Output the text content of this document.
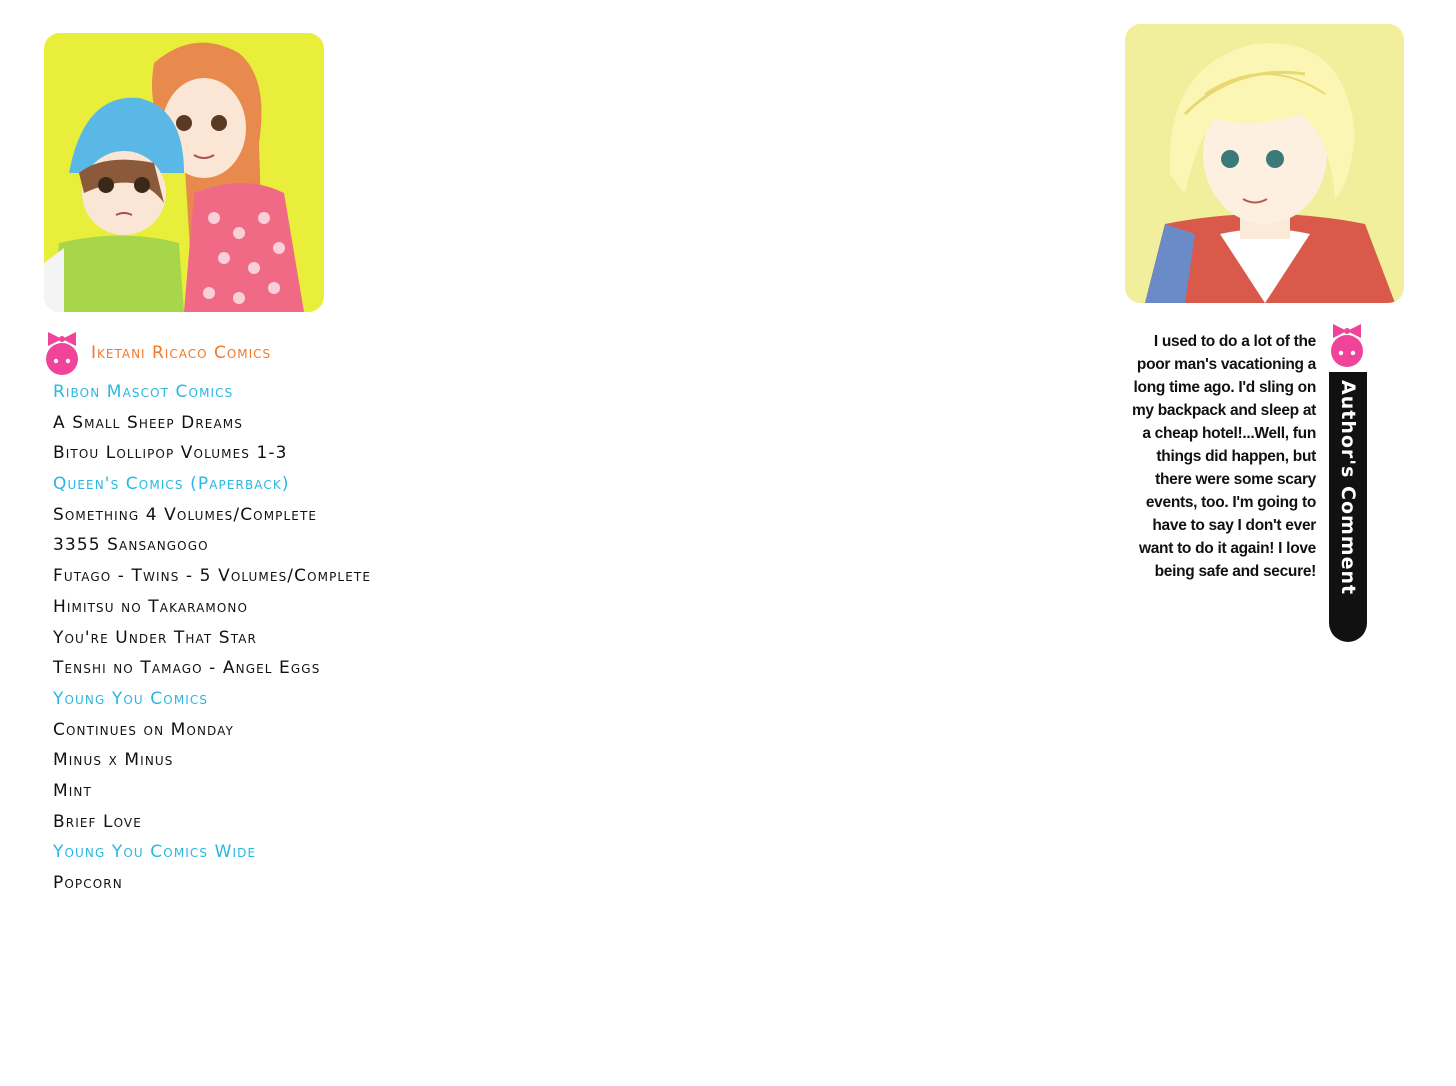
Iketani Ricaco Comics
Ribon Mascot Comics
A Small Sheep Dreams
Bitou Lollipop Volumes 1-3
Queen's Comics (Paperback)
Something 4 Volumes/Complete
3355 Sansangogo
Futago - Twins - 5 Volumes/Complete
Himitsu no Takaramono
You're Under That Star
Tenshi no Tamago - Angel Eggs
Young You Comics
Continues on Monday
Minus x Minus
Mint
Brief Love
Young You Comics Wide
Popcorn
I used to do a lot of the poor man's vacationing a long time ago. I'd sling on my backpack and sleep at a cheap hotel!...Well, fun things did happen, but there were some scary events, too. I'm going to have to say I don't ever want to do it again! I love being safe and secure! Author's Comment
